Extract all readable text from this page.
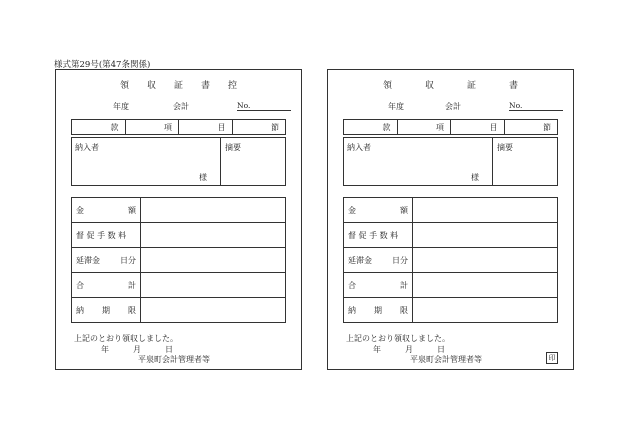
様式第29号(第47条関係)
領 収 証 書 控
年度	会計	No.
款	項	目	節
納入者
様
摘要
金 額	

督 促 手 数 料	

延滞金 日分	

合 計	

納 期 限	

上記のとおり領収しました。
年	月	日
平泉町会計管理者等
領	収	証	書
年度	会計	No.
款	項	目	節
納入者
様
摘要
金 額	

督 促 手 数 料	

延滞金 日分	

合 計	

納 期 限	

上記のとおり領収しました。
年	月	日
平泉町会計管理者等	印
